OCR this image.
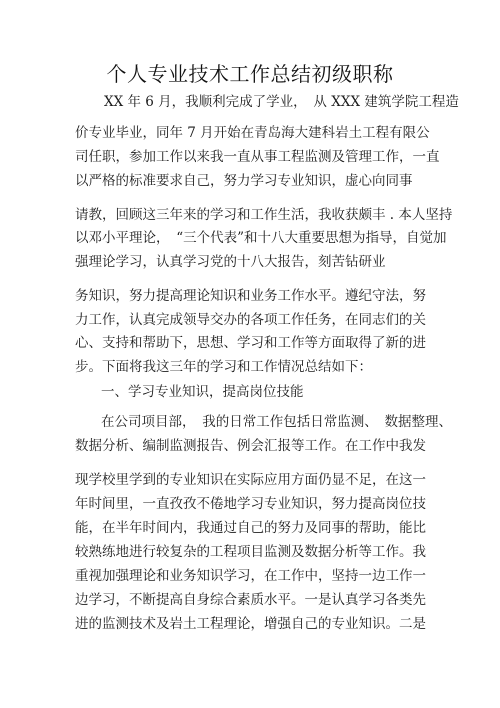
个人专业技术工作总结初级职称
XX 年 6 月，我顺利完成了学业，　从 XXX 建筑学院工程造
价专业毕业，同年 7 月开始在青岛海大建科岩土工程有限公
司任职，参加工作以来我一直从事工程监测及管理工作，一直
以严格的标准要求自己，努力学习专业知识，虚心向同事
请教，回顾这三年来的学习和工作生活，我收获颇丰 . 本人坚持
以邓小平理论，　“三个代表”和十八大重要思想为指导，自觉加
强理论学习，认真学习党的十八大报告，刻苦钻研业
务知识，努力提高理论知识和业务工作水平。遵纪守法，努
力工作，认真完成领导交办的各项工作任务，在同志们的关
心、支持和帮助下，思想、学习和工作等方面取得了新的进
步。下面将我这三年的学习和工作情况总结如下：
一、学习专业知识，提高岗位技能
在公司项目部，　我的日常工作包括日常监测、　数据整理、
数据分析、编制监测报告、例会汇报等工作。在工作中我发
现学校里学到的专业知识在实际应用方面仍显不足，在这一
年时间里，一直孜孜不倦地学习专业知识，努力提高岗位技
能，在半年时间内，我通过自己的努力及同事的帮助，能比
较熟练地进行较复杂的工程项目监测及数据分析等工作。我
重视加强理论和业务知识学习，在工作中，坚持一边工作一
边学习，不断提高自身综合素质水平。一是认真学习各类先
进的监测技术及岩土工程理论，增强自己的专业知识。二是
